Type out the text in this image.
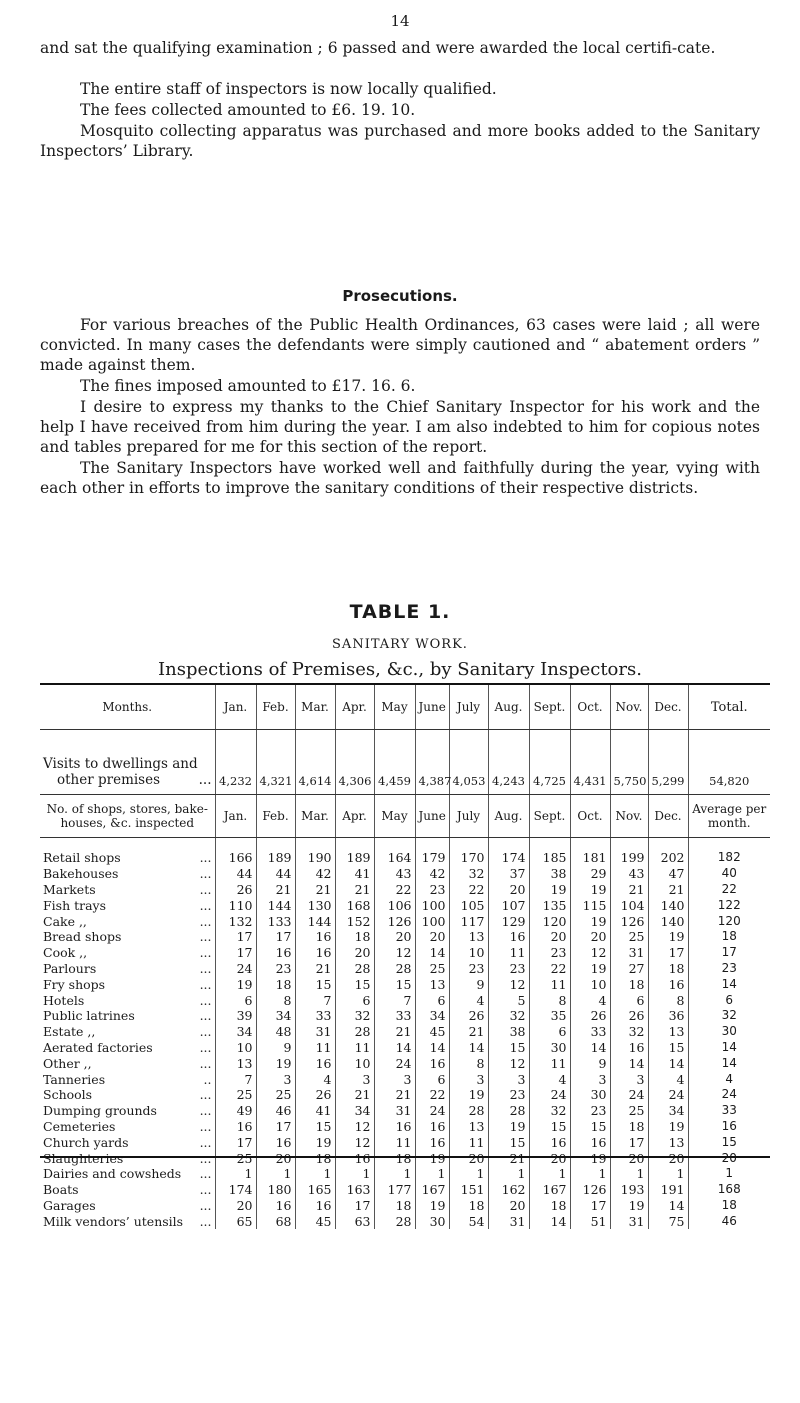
14

and sat the qualifying examination ; 6 passed and were awarded the local certifi-cate.

The entire staff of inspectors is now locally qualified.

The fees collected amounted to £6. 19. 10.

Mosquito collecting apparatus was purchased and more books added to the Sanitary Inspectors’ Library.

Prosecutions.

For various breaches of the Public Health Ordinances, 63 cases were laid ; all were convicted. In many cases the defendants were simply cautioned and “ abatement orders ” made against them.

The fines imposed amounted to £17. 16. 6.

I desire to express my thanks to the Chief Sanitary Inspector for his work and the help I have received from him during the year. I am also indebted to him for copious notes and tables prepared for me for this section of the report.

The Sanitary Inspectors have worked well and faithfully during the year, vying with each other in efforts to improve the sanitary conditions of their respective districts.

TABLE 1.
SANITARY WORK.
Inspections of Premises, &c., by Sanitary Inspectors.
Months.	Jan.	Feb.	Mar.	Apr.	May	June	July	Aug.	Sept.	Oct.	Nov.	Dec.	Total.
Visits to dwellings and
other premises ...	4,232	4,321	4,614	4,306	4,459	4,387	4,053	4,243	4,725	4,431	5,750	5,299	54,820
No. of shops, stores, bake-houses, &c. inspected	Jan.	Feb.	Mar.	Apr.	May	June	July	Aug.	Sept.	Oct.	Nov.	Dec.	Average per month.

Retail shops ...	166	189	190	189	164	179	170	174	185	181	199	202	182

Bakehouses ...	44	44	42	41	43	42	32	37	38	29	43	47	40

Markets ...	26	21	21	21	22	23	22	20	19	19	21	21	22

Fish trays ...	110	144	130	168	106	100	105	107	135	115	104	140	122

Cake ,, ...	132	133	144	152	126	100	117	129	120	19	126	140	120

Bread shops ...	17	17	16	18	20	20	13	16	20	20	25	19	18

Cook ,, ...	17	16	16	20	12	14	10	11	23	12	31	17	17

Parlours ...	24	23	21	28	28	25	23	23	22	19	27	18	23

Fry shops ...	19	18	15	15	15	13	9	12	11	10	18	16	14

Hotels ...	6	8	7	6	7	6	4	5	8	4	6	8	6

Public latrines ...	39	34	33	32	33	34	26	32	35	26	26	36	32

Estate ,, ...	34	48	31	28	21	45	21	38	6	33	32	13	30

Aerated factories ...	10	9	11	11	14	14	14	15	30	14	16	15	14

Other ,, ...	13	19	16	10	24	16	8	12	11	9	14	14	14

Tanneries ..	7	3	4	3	3	6	3	3	4	3	3	4	4

Schools ...	25	25	26	21	21	22	19	23	24	30	24	24	24

Dumping grounds ...	49	46	41	34	31	24	28	28	32	23	25	34	33

Cemeteries ...	16	17	15	12	16	16	13	19	15	15	18	19	16

Church yards ...	17	16	19	12	11	16	11	15	16	16	17	13	15

Slaughteries ...	25	20	18	16	18	19	20	21	20	19	20	20	20

Dairies and cowsheds ...	1	1	1	1	1	1	1	1	1	1	1	1	1

Boats ...	174	180	165	163	177	167	151	162	167	126	193	191	168

Garages ...	20	16	16	17	18	19	18	20	18	17	19	14	18

Milk vendors’ utensils ...	65	68	45	63	28	30	54	31	14	51	31	75	46
